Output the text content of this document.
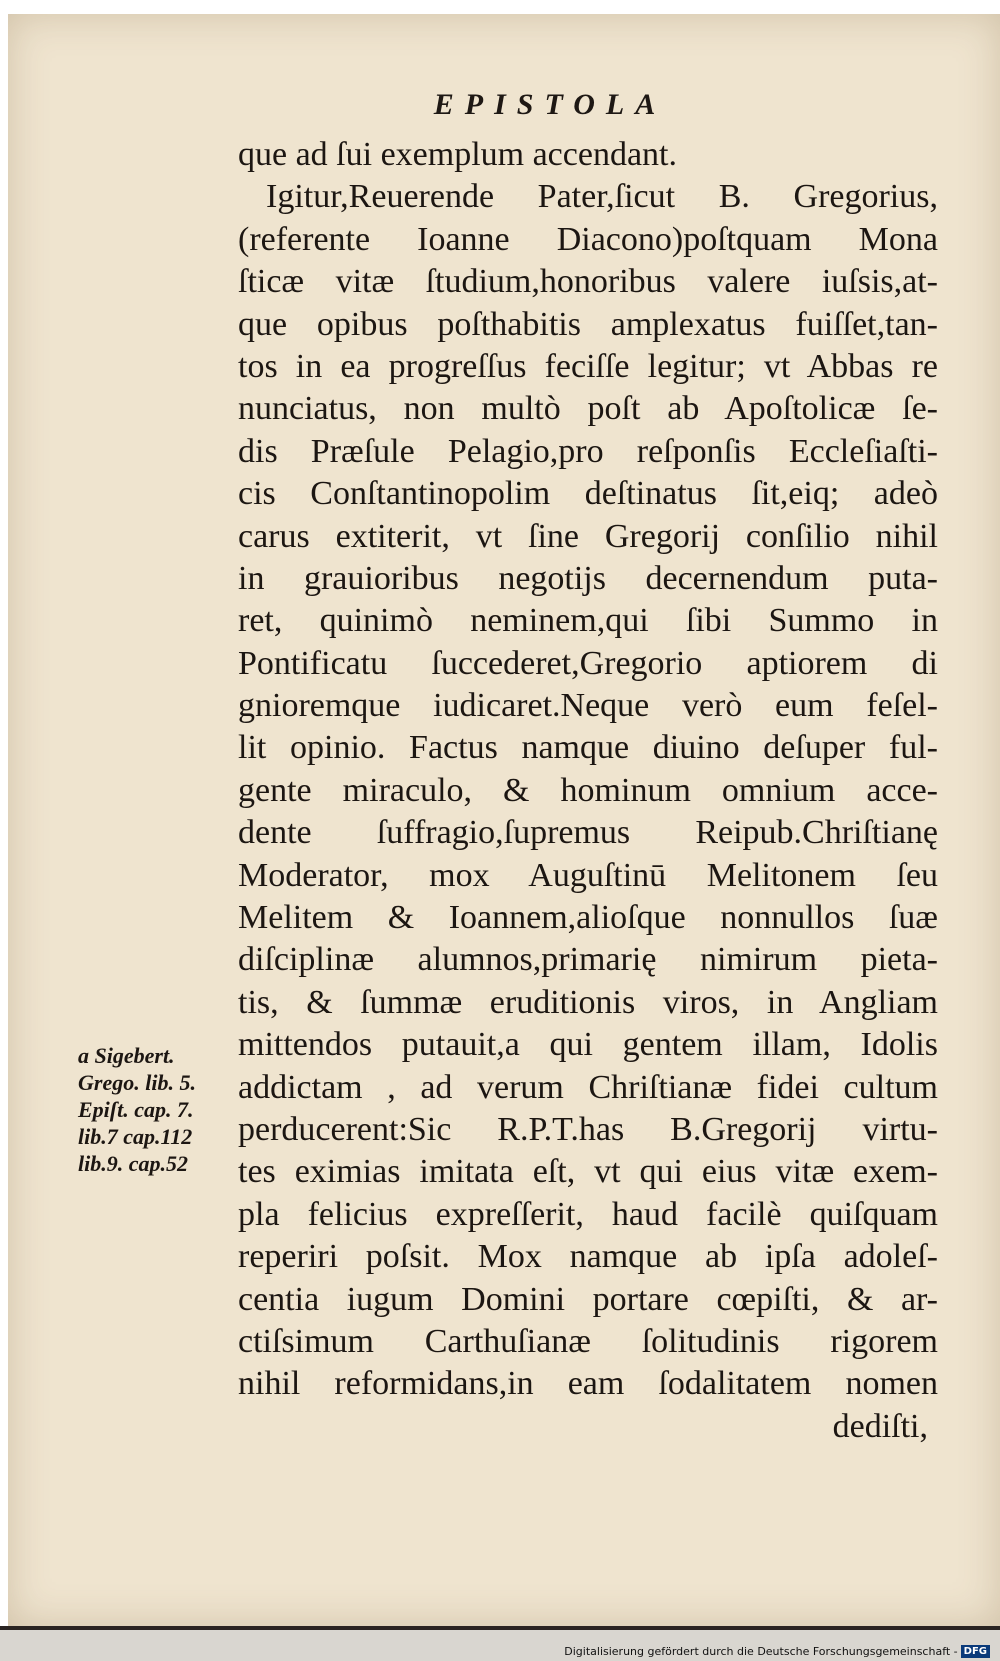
EPISTOLA
que ad ſui exemplum accendant.
Igitur,Reuerende Pater,ſicut B. Gregorius,
(referente Ioanne Diacono)poſtquam Mona
ſticæ vitæ ſtudium,honoribus valere iuſsis,at-
que opibus poſthabitis amplexatus fuiſſet,tan-
tos in ea progreſſus feciſſe legitur; vt Abbas re
nunciatus, non multò poſt ab Apoſtolicæ ſe-
dis Præſule Pelagio,pro reſponſis Eccleſiaſti-
cis Conſtantinopolim deſtinatus ſit,eiq; adeò
carus extiterit, vt ſine Gregorij conſilio nihil
in grauioribus negotijs decernendum puta-
ret, quinimò neminem,qui ſibi Summo in
Pontificatu ſuccederet,Gregorio aptiorem di
gnioremque iudicaret.Neque verò eum feſel-
lit opinio. Factus namque diuino deſuper ful-
gente miraculo, & hominum omnium acce-
dente ſuffragio,ſupremus Reipub.Chriſtianę
Moderator, mox Auguſtinū Melitonem ſeu
Melitem & Ioannem,alioſque nonnullos ſuæ
diſciplinæ alumnos,primarię nimirum pieta-
tis, & ſummæ eruditionis viros, in Angliam
mittendos putauit,a qui gentem illam, Idolis
addictam , ad verum Chriſtianæ fidei cultum
perducerent:Sic R.P.T.has B.Gregorij virtu-
tes eximias imitata eſt, vt qui eius vitæ exem-
pla felicius expreſſerit, haud facilè quiſquam
reperiri poſsit. Mox namque ab ipſa adoleſ-
centia iugum Domini portare cœpiſti, & ar-
ctiſsimum Carthuſianæ ſolitudinis rigorem
nihil reformidans,in eam ſodalitatem nomen
dediſti,
a Sigebert.
Grego. lib. 5.
Epiſt. cap. 7.
lib.7 cap.112
lib.9. cap.52
Digitalisierung gefördert durch die Deutsche Forschungsgemeinschaft - DFG
